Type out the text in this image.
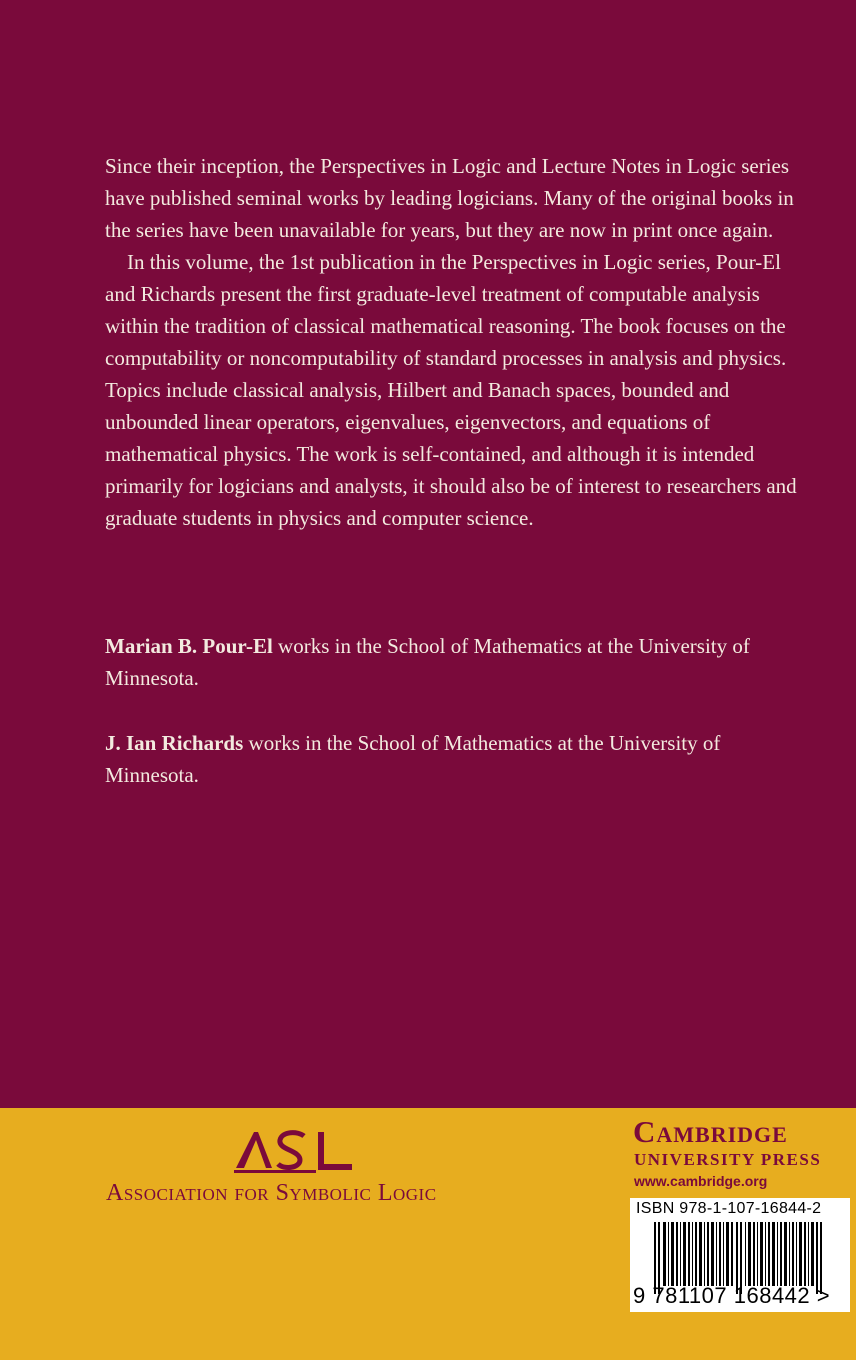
Since their inception, the Perspectives in Logic and Lecture Notes in Logic series have published seminal works by leading logicians. Many of the original books in the series have been unavailable for years, but they are now in print once again.

In this volume, the 1st publication in the Perspectives in Logic series, Pour-El and Richards present the first graduate-level treatment of computable analysis within the tradition of classical mathematical reasoning. The book focuses on the computability or noncomputability of standard processes in analysis and physics. Topics include classical analysis, Hilbert and Banach spaces, bounded and unbounded linear operators, eigenvalues, eigenvectors, and equations of mathematical physics. The work is self-contained, and although it is intended primarily for logicians and analysts, it should also be of interest to researchers and graduate students in physics and computer science.

Marian B. Pour-El works in the School of Mathematics at the University of Minnesota.

J. Ian Richards works in the School of Mathematics at the University of Minnesota.

Association for Symbolic Logic
Cambridge
UNIVERSITY PRESS
www.cambridge.org
ISBN 978-1-107-16844-2
9 781107 168442 >
